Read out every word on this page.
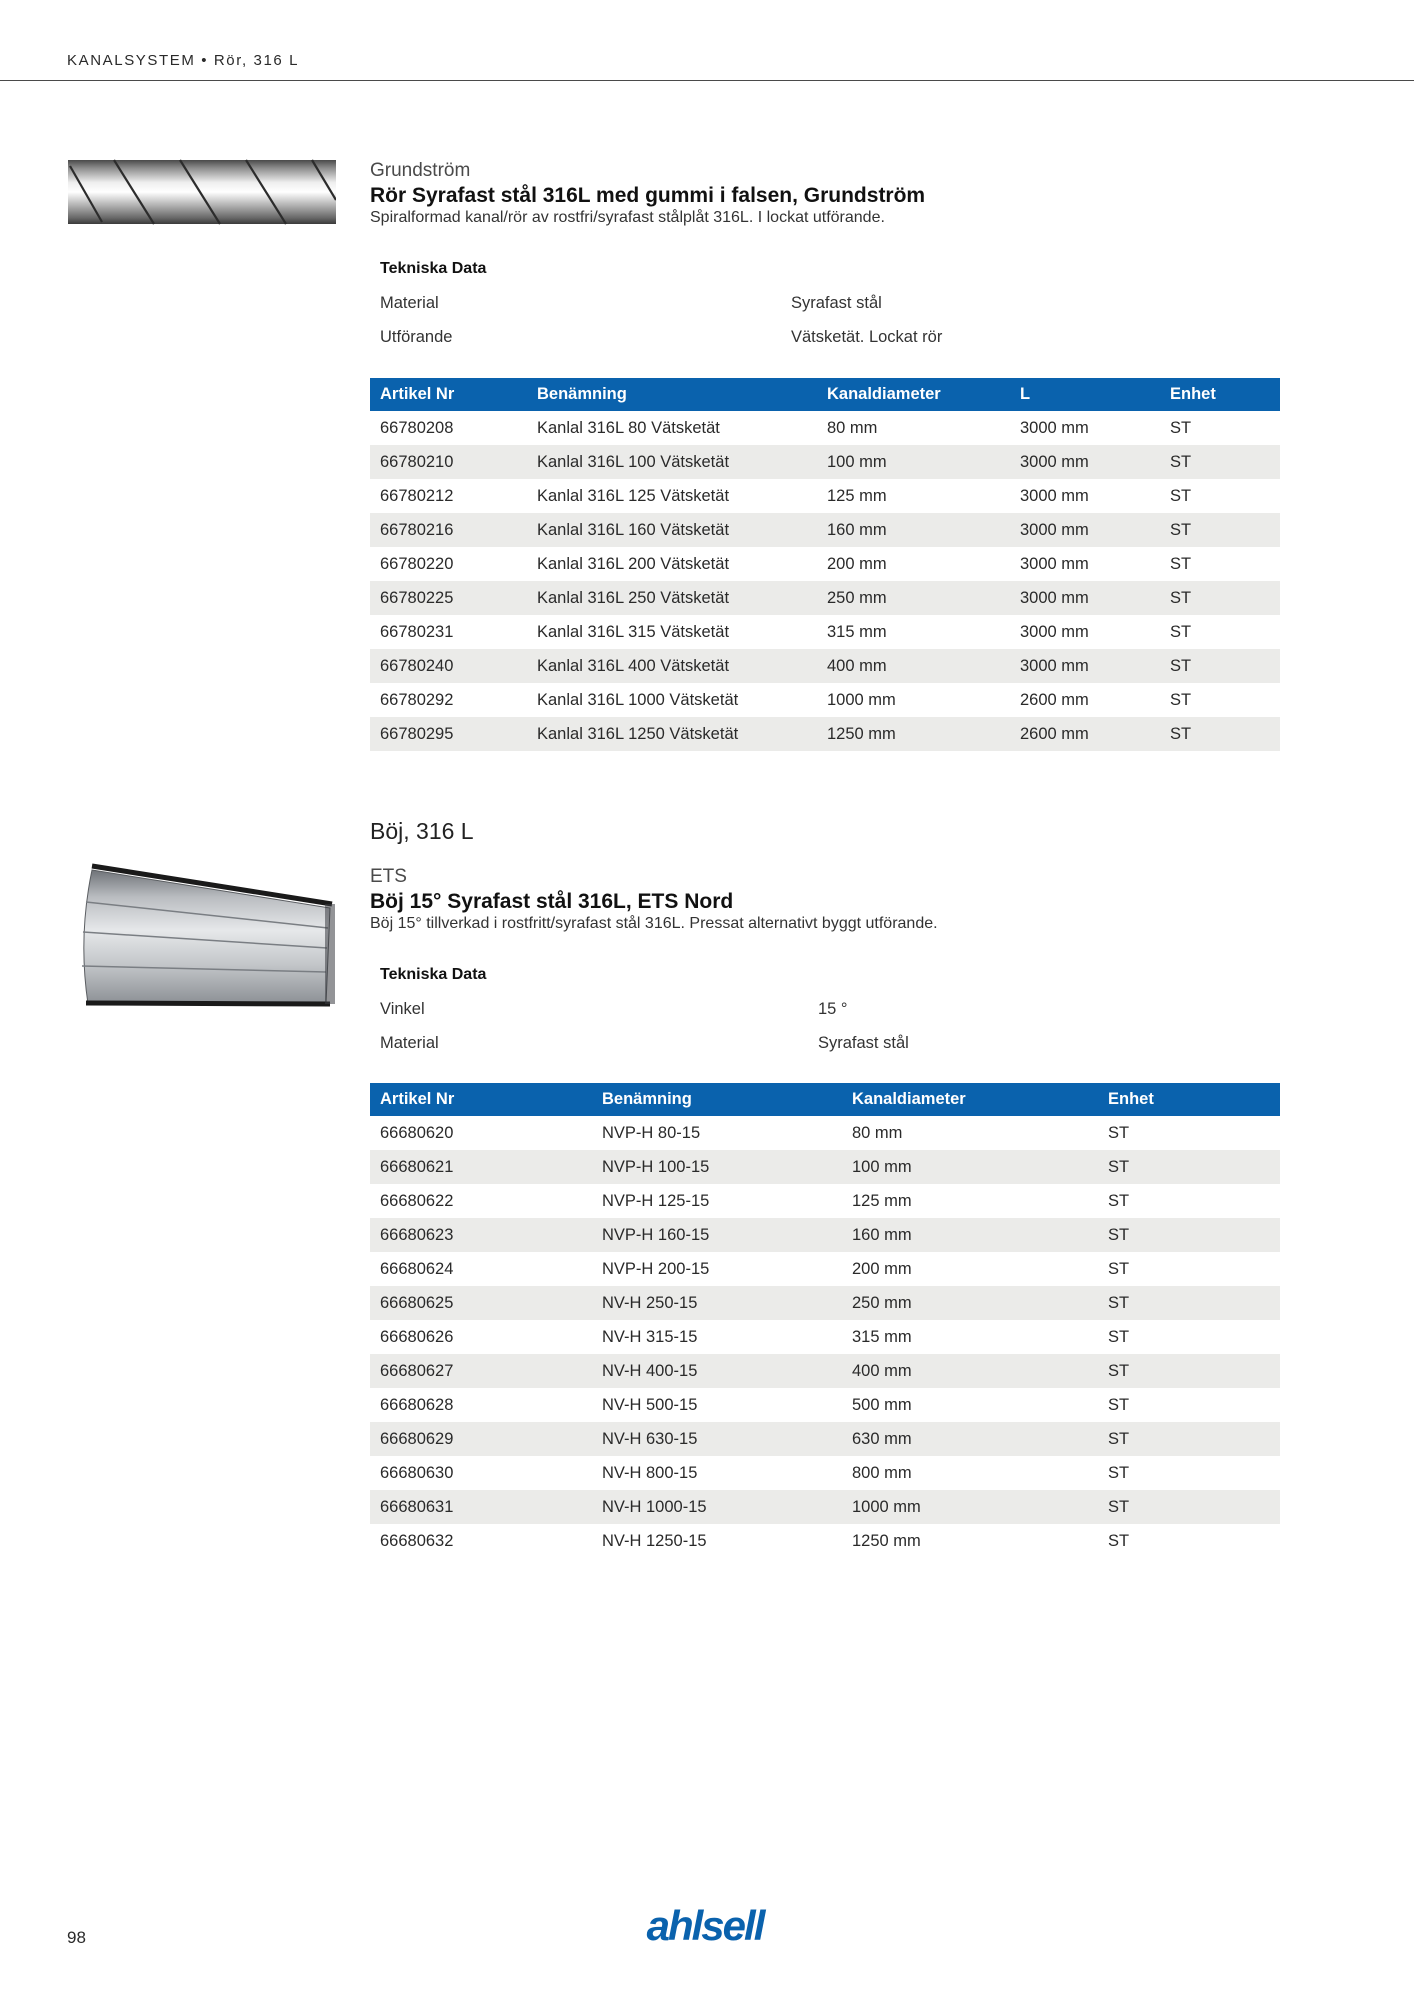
KANALSYSTEM • Rör, 316 L
Grundström
Rör Syrafast stål 316L med gummi i falsen, Grundström
Spiralformad kanal/rör av rostfri/syrafast stålplåt 316L. I lockat utförande.
Tekniska Data
Material	Syrafast stål
Utförande	Vätsketät. Lockat rör
Artikel Nr	Benämning	Kanaldiameter	L	Enhet
66780208	Kanlal 316L 80 Vätsketät	80 mm	3000 mm	ST
66780210	Kanlal 316L 100 Vätsketät	100 mm	3000 mm	ST
66780212	Kanlal 316L 125 Vätsketät	125 mm	3000 mm	ST
66780216	Kanlal 316L 160 Vätsketät	160 mm	3000 mm	ST
66780220	Kanlal 316L 200 Vätsketät	200 mm	3000 mm	ST
66780225	Kanlal 316L 250 Vätsketät	250 mm	3000 mm	ST
66780231	Kanlal 316L 315 Vätsketät	315 mm	3000 mm	ST
66780240	Kanlal 316L 400 Vätsketät	400 mm	3000 mm	ST
66780292	Kanlal 316L 1000 Vätsketät	1000 mm	2600 mm	ST
66780295	Kanlal 316L 1250 Vätsketät	1250 mm	2600 mm	ST
Böj, 316 L
ETS
Böj 15° Syrafast stål 316L, ETS Nord
Böj 15° tillverkad i rostfritt/syrafast stål 316L. Pressat alternativt byggt utförande.
Tekniska Data
Vinkel	15 °
Material	Syrafast stål
Artikel Nr	Benämning	Kanaldiameter	Enhet
66680620	NVP-H 80-15	80 mm	ST
66680621	NVP-H 100-15	100 mm	ST
66680622	NVP-H 125-15	125 mm	ST
66680623	NVP-H 160-15	160 mm	ST
66680624	NVP-H 200-15	200 mm	ST
66680625	NV-H 250-15	250 mm	ST
66680626	NV-H 315-15	315 mm	ST
66680627	NV-H 400-15	400 mm	ST
66680628	NV-H 500-15	500 mm	ST
66680629	NV-H 630-15	630 mm	ST
66680630	NV-H 800-15	800 mm	ST
66680631	NV-H 1000-15	1000 mm	ST
66680632	NV-H 1250-15	1250 mm	ST
98	ahlsell
